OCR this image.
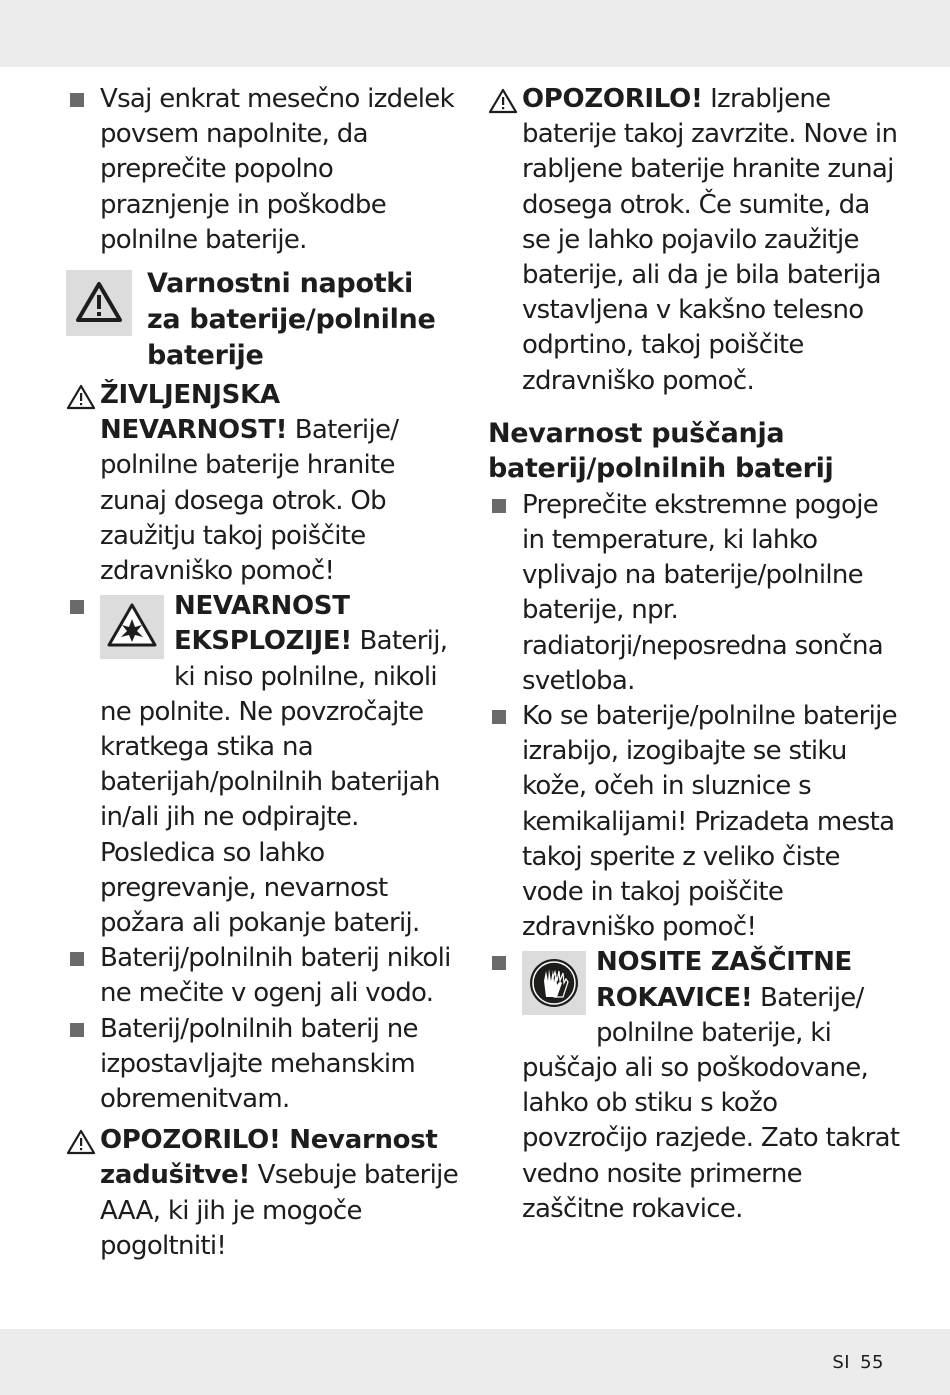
Vsaj enkrat mesečno izdelek povsem napolnite, da preprečite popolno praznjenje in poškodbe polnilne baterije.

Varnostni napotki za baterije/polnilne baterije

ŽIVLJENJSKA NEVARNOST! Baterije/ polnilne baterije hranite zunaj dosega otrok. Ob zaužitju takoj poiščite zdravniško pomoč!

NEVARNOST EKSPLOZIJE! Baterij, ki niso polnilne, nikoli ne polnite. Ne povzročajte kratkega stika na baterijah/polnilnih baterijah in/ali jih ne odpirajte. Posledica so lahko pregrevanje, nevarnost požara ali pokanje baterij.

Baterij/polnilnih baterij nikoli ne mečite v ogenj ali vodo.

Baterij/polnilnih baterij ne izpostavljajte mehanskim obremenitvam.

OPOZORILO! Nevarnost zadušitve! Vsebuje baterije AAA, ki jih je mogoče pogoltniti!

OPOZORILO! Izrabljene baterije takoj zavrzite. Nove in rabljene baterije hranite zunaj dosega otrok. Če sumite, da se je lahko pojavilo zaužitje baterije, ali da je bila baterija vstavljena v kakšno telesno odprtino, takoj poiščite zdravniško pomoč.

Nevarnost puščanja baterij/polnilnih baterij

Preprečite ekstremne pogoje in temperature, ki lahko vplivajo na baterije/polnilne baterije, npr. radiatorji/neposredna sončna svetloba.

Ko se baterije/polnilne baterije izrabijo, izogibajte se stiku kože, očeh in sluznice s kemikalijami! Prizadeta mesta takoj sperite z veliko čiste vode in takoj poiščite zdravniško pomoč!

NOSITE ZAŠČITNE ROKAVICE! Baterije/ polnilne baterije, ki puščajo ali so poškodovane, lahko ob stiku s kožo povzročijo razjede. Zato takrat vedno nosite primerne zaščitne rokavice.
SI 55
